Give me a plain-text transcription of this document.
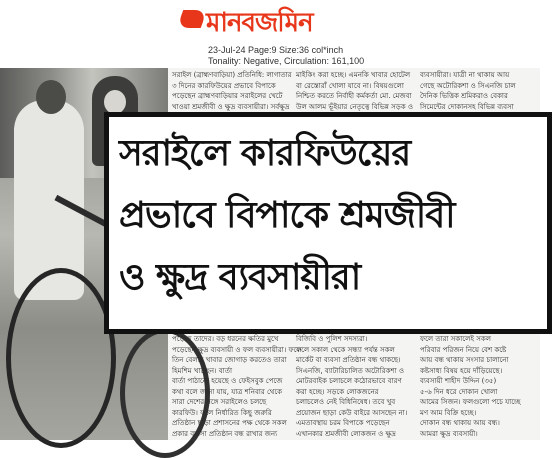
মানবজমিন
23-Jul-24 Page:9 Size:36 col*inch
Tonality: Negative, Circulation: 161,100

সরাইল (ব্রাহ্মণবাড়িয়া) প্রতিনিধি: লাগাতার

৩ দিনের কারফিউয়ের প্রভাবে বিপাকে

পড়েছেন ব্রাহ্মণবাড়িয়ার সরাইলের খেটে

খাওয়া শ্রমজীবী ও ক্ষুদ্র ব্যবসায়ীরা। সর্বক্ষুদ্র

মাইকিং করা হচ্ছে। এমনকি খাবার হোটেল

বা রেস্তোরাঁ খোলা যাবে না। বিষয়গুলো

নিশ্চিত করতে নির্বাহী কর্মকর্তা মো. মেজবা

উল আলম ভূঁইয়ার নেতৃত্বে বিভিন্ন সড়ক ও

ব্যবসায়ীরা। যাত্রী না থাকায় আয়

গেছে অটোরিকশা ও সিএনজি চাল

দৈনিক ভিত্তিক শ্রমিকরাও বেকার

সিমেন্টের দোকানসহ বিভিন্ন ব্যবসা

পড়েছে তাদের। বড় ধরনের ক্ষতির মুখে

পড়েছেন ক্ষুদ্র ব্যবসায়ী ও ফল ব্যবসায়ীরা। ফলে

তিন বেলার খাবার জোগাড় করতেও তারা

হিমশিম খাচ্ছেন। বার্তা

বার্তা পাঠানো হয়েছে ও ফেইসবুক পেজে

কথা বলে জানা যায়, যাত্র শনিবার থেকে

সারা দেশের সঙ্গে সরাইলেও চলছে

কারফিউ। ফলে নির্ধারিত কিছু জরুরি

প্রতিষ্ঠান ছাড়া প্রশাসনের পক্ষ থেকে সকল

প্রকার ব্যবসা প্রতিষ্ঠান বন্ধ রাখার জন্য

বিজিবি ও পুলিশ সদস্যরা।

ফলে সকাল থেকে সন্ধ্যা পর্যন্ত সকল

মার্কেট বা ব্যবসা প্রতিষ্ঠান বন্ধ থাকছে।

সিএনজি, ব্যাটারিচালিত অটোরিকশা ও

মোটরবাইক চলাচলে কঠোরভাবে বারণ

করা হচ্ছে। সড়কে লোকজনের

চলাচলেও নেই বিধিনিষেধ। তবে খুব

প্রয়োজন ছাড়া কেউ বাইরে আসছেন না।

এমতাবস্থায় চরম বিপাকে পড়েছেন

এখানকার শ্রমজীবী লোকজন ও ক্ষুদ্র

ফলে তারা সকালেই সকল

পরিবার পরিজন নিয়ে বেশ কষ্টে

আয় বন্ধ থাকায় সংসার চালানো

কষ্টসাধ্য বিষয় হয়ে দাঁড়িয়েছে।

ব্যবসায়ী শাহীদ উদ্দিন (৩৫)

৫-৬ দিন ধরে দোকান খোলা

আমের সিজন। ফলগুলো পচে যাচ্ছে

মণ আম বিক্রি হচ্ছে।

দোকান বন্ধ থাকায় আয় বন্ধ।

আমরা ক্ষুদ্র ব্যবসায়ী।

সরাইলে কারফিউয়ের
প্রভাবে বিপাকে শ্রমজীবী
ও ক্ষুদ্র ব্যবসায়ীরা
